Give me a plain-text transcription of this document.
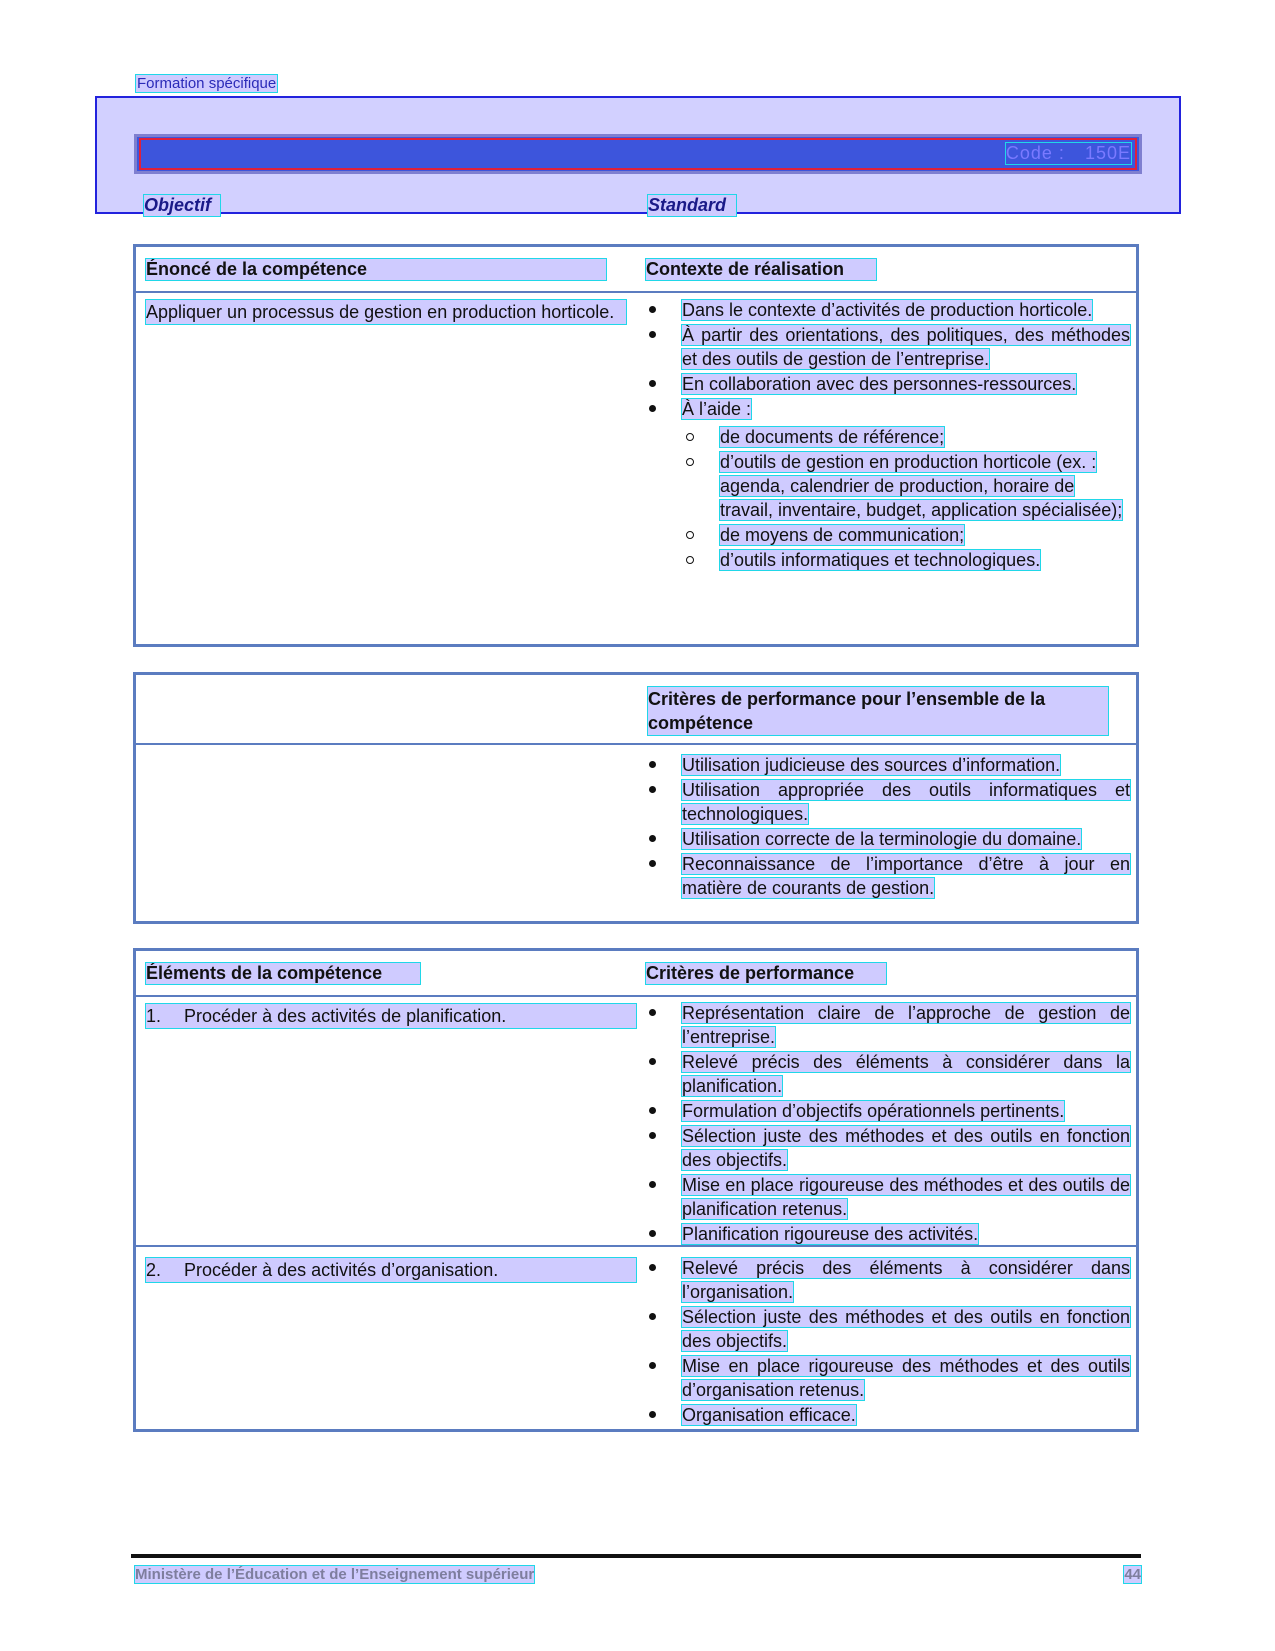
Formation spécifique
Code : 150E
Objectif	Standard
Énoncé de la compétence	Contexte de réalisation
Appliquer un processus de gestion en production horticole.	Dans le contexte d’activités de production horticole.
À partir des orientations, des politiques, des méthodes et des outils de gestion de l’entreprise.
En collaboration avec des personnes-ressources.
À l’aide :
de documents de référence;
d’outils de gestion en production horticole (ex. : agenda, calendrier de production, horaire de travail, inventaire, budget, application spécialisée);
de moyens de communication;
d’outils informatiques et technologiques.
Critères de performance pour l’ensemble de la compétence
Utilisation judicieuse des sources d’information.
Utilisation appropriée des outils informatiques et technologiques.
Utilisation correcte de la terminologie du domaine.
Reconnaissance de l’importance d’être à jour en matière de courants de gestion.
Éléments de la compétence	Critères de performance
1. Procéder à des activités de planification.	Représentation claire de l’approche de gestion de l’entreprise.
Relevé précis des éléments à considérer dans la planification.
Formulation d’objectifs opérationnels pertinents.
Sélection juste des méthodes et des outils en fonction des objectifs.
Mise en place rigoureuse des méthodes et des outils de planification retenus.
Planification rigoureuse des activités.
2. Procéder à des activités d’organisation.	Relevé précis des éléments à considérer dans l’organisation.
Sélection juste des méthodes et des outils en fonction des objectifs.
Mise en place rigoureuse des méthodes et des outils d’organisation retenus.
Organisation efficace.
Ministère de l’Éducation et de l’Enseignement supérieur	44
